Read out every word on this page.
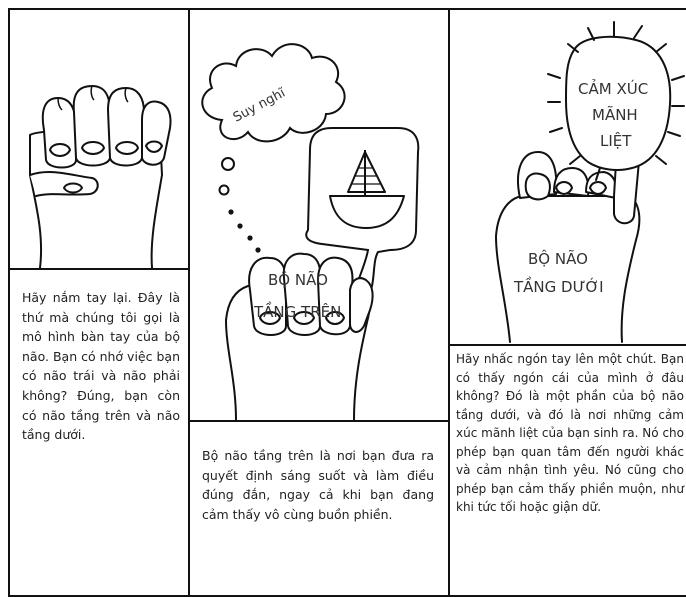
Hãy nắm tay lại. Đây là thứ mà chúng tôi gọi là mô hình bàn tay của bộ não. Bạn có nhớ việc bạn có não trái và não phải không? Đúng, bạn còn có não tầng trên và não tầng dưới.
BỘ NÃO
TẦNG TRÊN
Suy nghĩ
Bộ não tầng trên là nơi bạn đưa ra quyết định sáng suốt và làm điều đúng đắn, ngay cả khi bạn đang cảm thấy vô cùng buồn phiền.
CẢM XÚC
MÃNH
LIỆT
BỘ NÃO
TẦNG DƯỚI
Hãy nhấc ngón tay lên một chút. Bạn có thấy ngón cái của mình ở đâu không? Đó là một phần của bộ não tầng dưới, và đó là nơi những cảm xúc mãnh liệt của bạn sinh ra. Nó cho phép bạn quan tâm đến người khác và cảm nhận tình yêu. Nó cũng cho phép bạn cảm thấy phiền muộn, như khi tức tối hoặc giận dữ.
